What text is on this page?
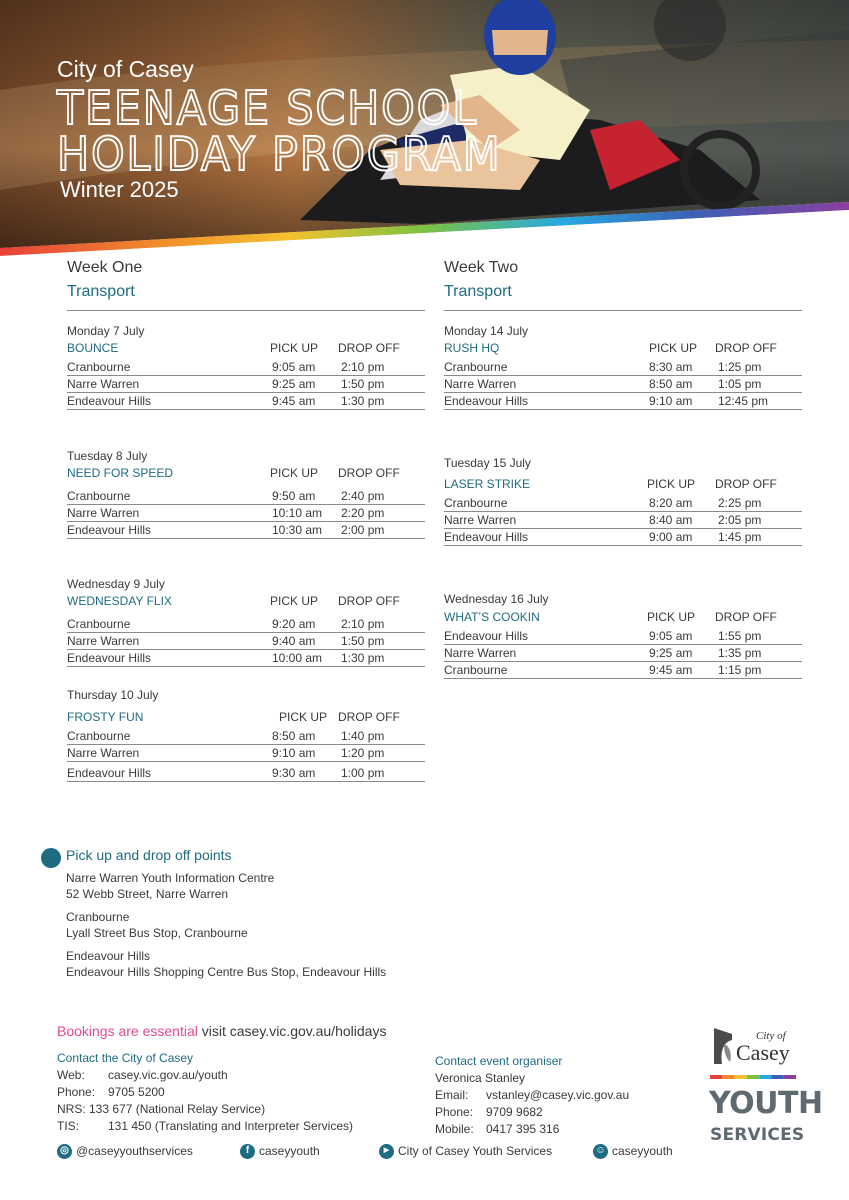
City of Casey
TEENAGE SCHOOL
HOLIDAY PROGRAM
Winter 2025
Week One
Transport
Monday 7 July
BOUNCE	PICK UP DROP OFF
Cranbourne	9:05 am 2:10 pm
Narre Warren	9:25 am 1:50 pm
Endeavour Hills	9:45 am 1:30 pm
Tuesday 8 July
NEED FOR SPEED	PICK UP DROP OFF
Cranbourne	9:50 am 2:40 pm
Narre Warren	10:10 am 2:20 pm
Endeavour Hills	10:30 am 2:00 pm
Wednesday 9 July
WEDNESDAY FLIX	PICK UP DROP OFF
Cranbourne	9:20 am 2:10 pm
Narre Warren	9:40 am 1:50 pm
Endeavour Hills	10:00 am 1:30 pm
Thursday 10 July
FROSTY FUN	PICK UP DROP OFF
Cranbourne	8:50 am 1:40 pm
Narre Warren	9:10 am 1:20 pm
Endeavour Hills	9:30 am 1:00 pm
Week Two
Transport
Monday 14 July
RUSH HQ	PICK UP DROP OFF
Cranbourne	8:30 am 1:25 pm
Narre Warren	8:50 am 1:05 pm
Endeavour Hills	9:10 am 12:45 pm
Tuesday 15 July
LASER STRIKE	PICK UP DROP OFF
Cranbourne	8:20 am 2:25 pm
Narre Warren	8:40 am 2:05 pm
Endeavour Hills	9:00 am 1:45 pm
Wednesday 16 July
WHAT’S COOKIN	PICK UP DROP OFF
Endeavour Hills	9:05 am 1:55 pm
Narre Warren	9:25 am 1:35 pm
Cranbourne	9:45 am 1:15 pm
Pick up and drop off points
Narre Warren Youth Information Centre
52 Webb Street, Narre Warren
Cranbourne
Lyall Street Bus Stop, Cranbourne
Endeavour Hills
Endeavour Hills Shopping Centre Bus Stop, Endeavour Hills
Bookings are essential visit casey.vic.gov.au/holidays
Contact the City of Casey
Web: casey.vic.gov.au/youth
Phone: 9705 5200
NRS: 133 677 (National Relay Service)
TIS: 131 450 (Translating and Interpreter Services)
Contact event organiser
Veronica Stanley
Email: vstanley@casey.vic.gov.au
Phone: 9709 9682
Mobile: 0417 395 316
◎ @caseyyouthservices	f caseyyouth	▶ City of Casey Youth Services	☺ caseyyouth
City of
Casey
YOUTH
SERVICES
